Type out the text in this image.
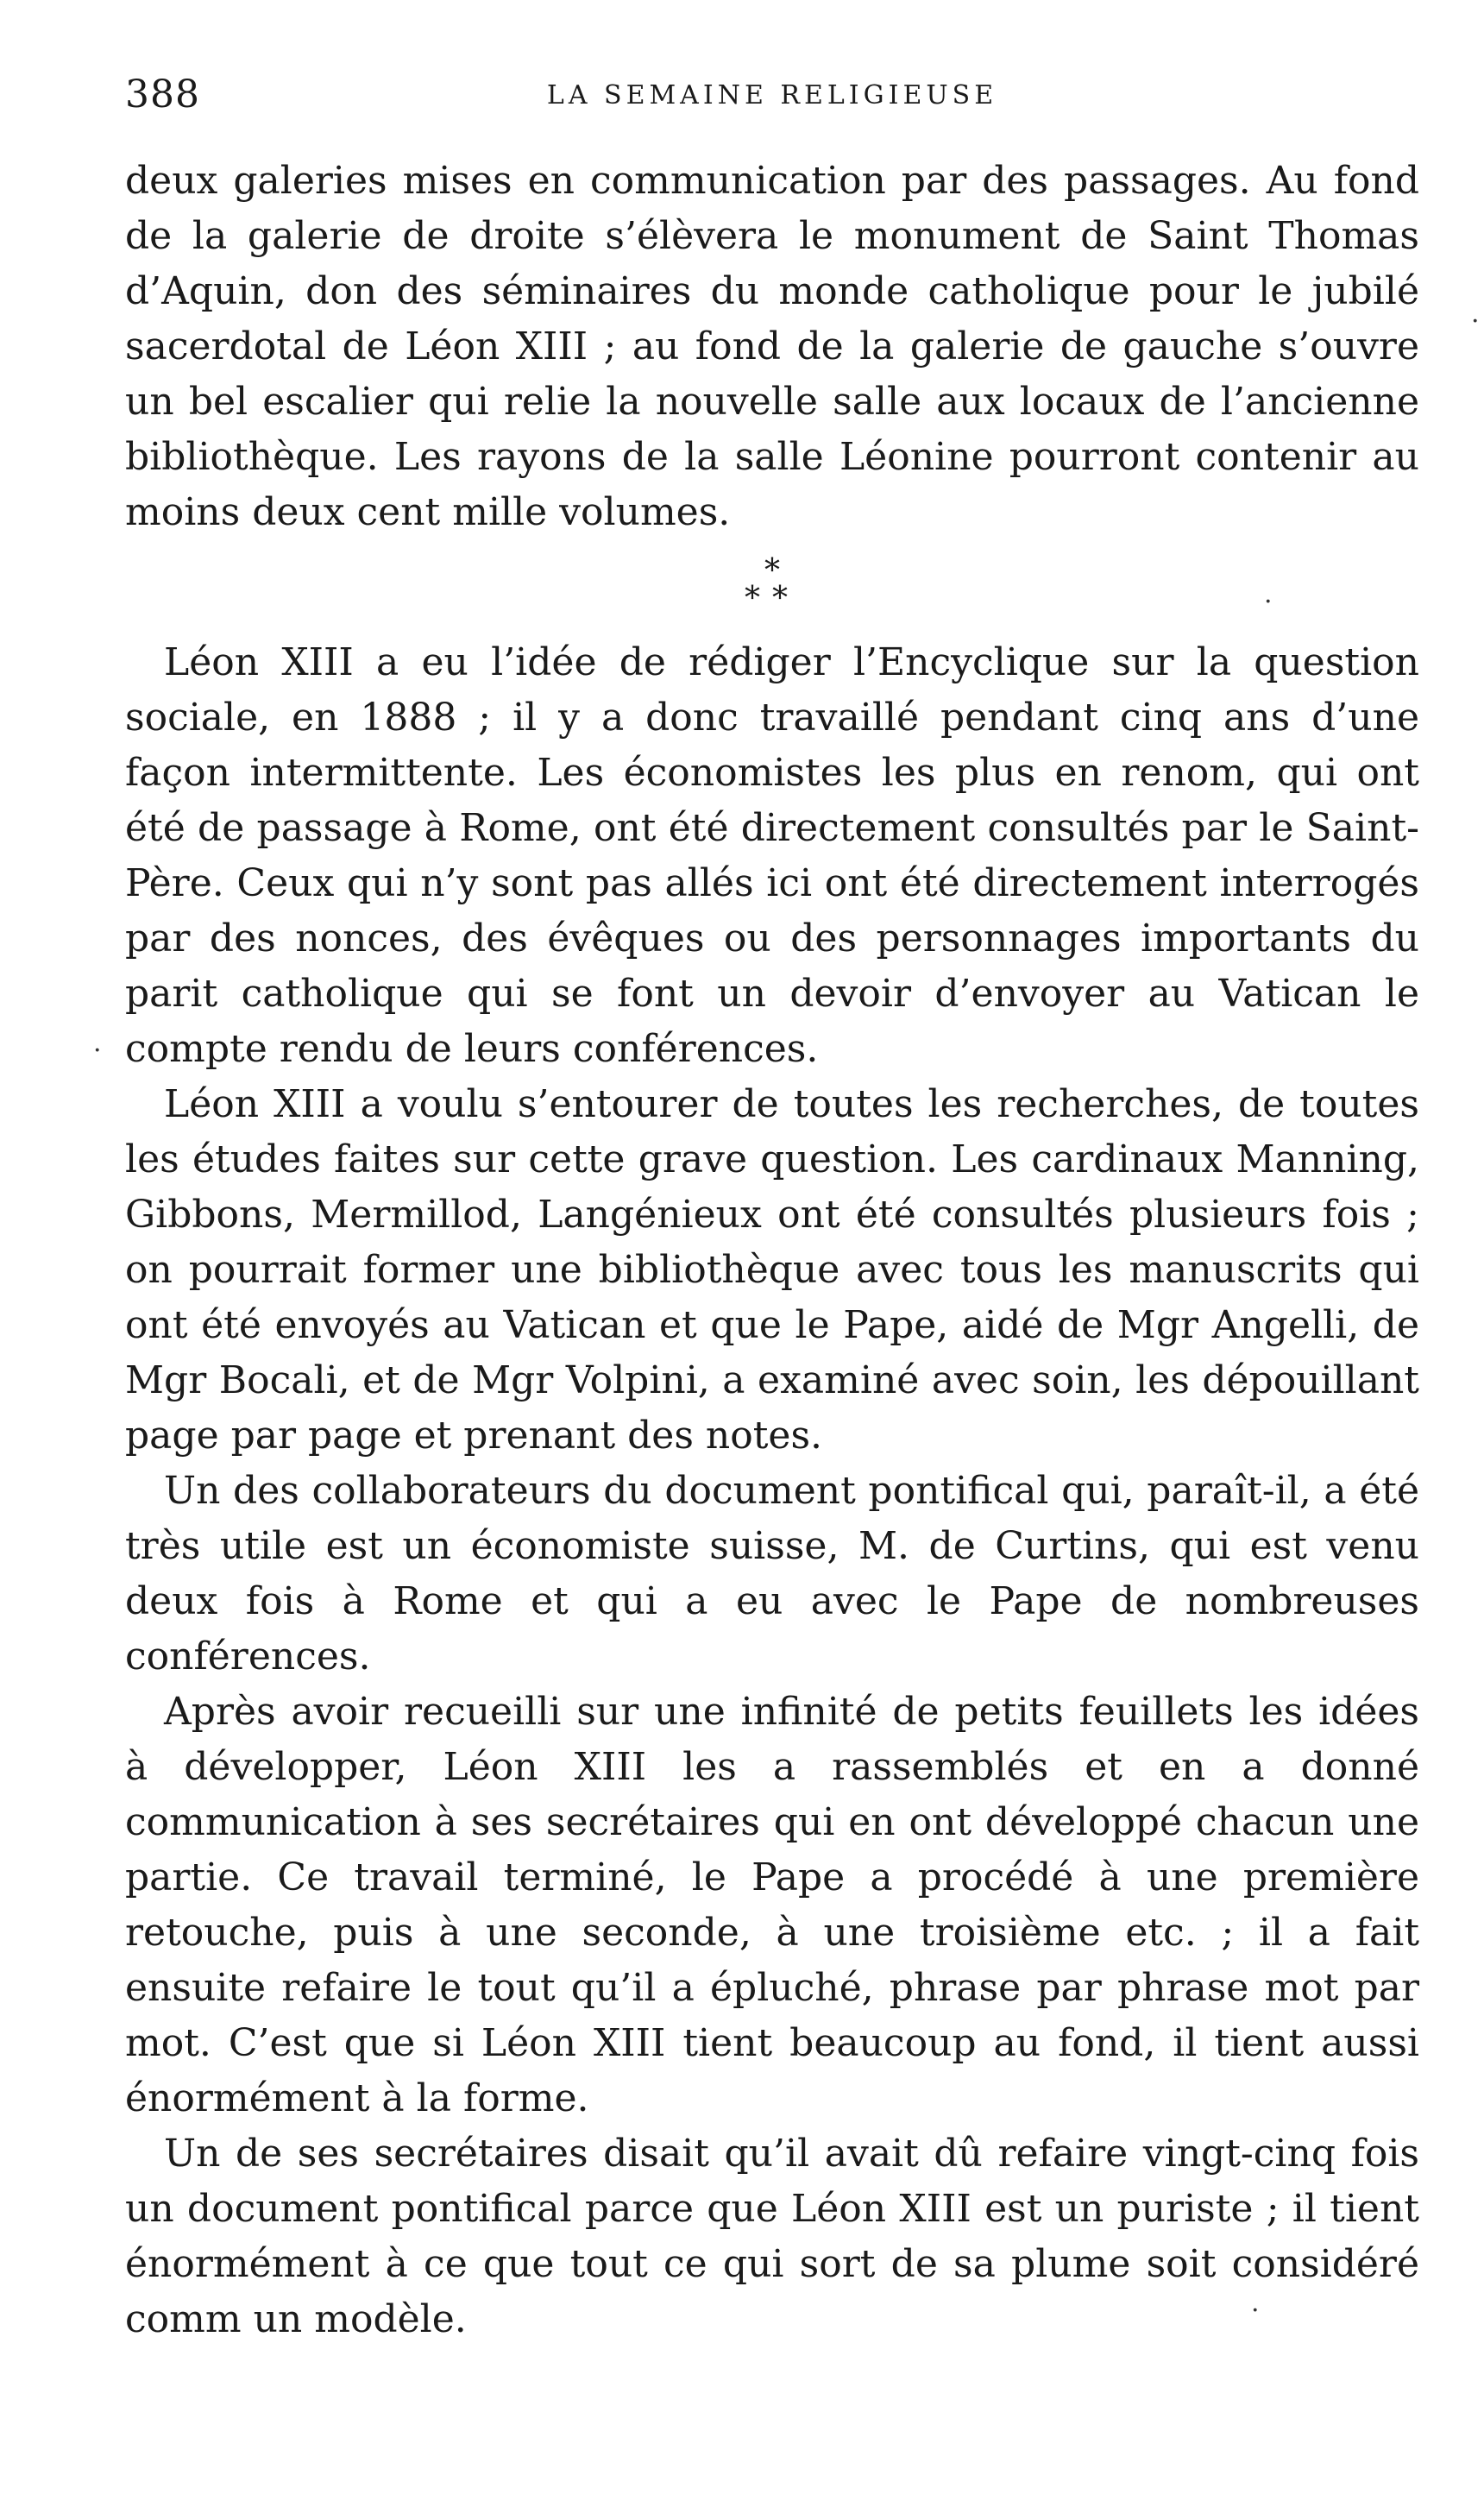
388	LA SEMAINE RELIGIEUSE

deux galeries mises en communication par des passages. Au fond de la galerie de droite s’élèvera le monument de Saint Thomas d’Aquin, don des séminaires du monde catholique pour le jubilé sacerdotal de Léon XIII ; au fond de la galerie de gauche s’ouvre un bel escalier qui relie la nouvelle salle aux locaux de l’ancienne bibliothèque. Les rayons de la salle Léonine pourront contenir au moins deux cent mille volumes.

*
**

Léon XIII a eu l’idée de rédiger l’Encyclique sur la question sociale, en 1888 ; il y a donc travaillé pendant cinq ans d’une façon intermittente. Les économistes les plus en renom, qui ont été de passage à Rome, ont été directement consultés par le Saint-Père. Ceux qui n’y sont pas allés ici ont été directement interrogés par des nonces, des évêques ou des personnages importants du parit catholique qui se font un devoir d’envoyer au Vatican le compte rendu de leurs conférences.

Léon XIII a voulu s’entourer de toutes les recherches, de toutes les études faites sur cette grave question. Les cardinaux Manning, Gibbons, Mermillod, Langénieux ont été consultés plusieurs fois ; on pourrait former une bibliothèque avec tous les manuscrits qui ont été envoyés au Vatican et que le Pape, aidé de Mgr Angelli, de Mgr Bocali, et de Mgr Volpini, a examiné avec soin, les dépouillant page par page et prenant des notes.

Un des collaborateurs du document pontifical qui, paraît-il, a été très utile est un économiste suisse, M. de Curtins, qui est venu deux fois à Rome et qui a eu avec le Pape de nombreuses conférences.

Après avoir recueilli sur une infinité de petits feuillets les idées à développer, Léon XIII les a rassemblés et en a donné communication à ses secrétaires qui en ont développé chacun une partie. Ce travail terminé, le Pape a procédé à une première retouche, puis à une seconde, à une troisième etc. ; il a fait ensuite refaire le tout qu’il a épluché, phrase par phrase mot par mot. C’est que si Léon XIII tient beaucoup au fond, il tient aussi énormément à la forme.

Un de ses secrétaires disait qu’il avait dû refaire vingt-cinq fois un document pontifical parce que Léon XIII est un puriste ; il tient énormément à ce que tout ce qui sort de sa plume soit considéré comm un modèle.

·
·
·
·
